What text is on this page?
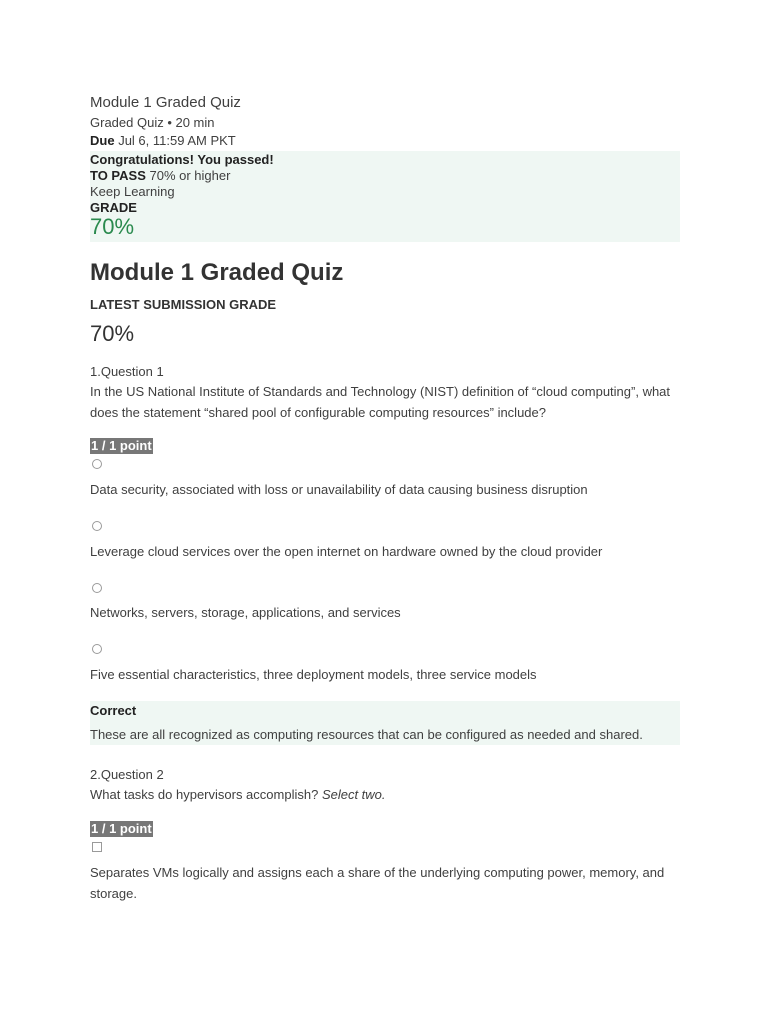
Module 1 Graded Quiz
Graded Quiz • 20 min
Due Jul 6, 11:59 AM PKT
Congratulations! You passed!
TO PASS 70% or higher
Keep Learning
GRADE
70%
Module 1 Graded Quiz
LATEST SUBMISSION GRADE
70%
1.Question 1
In the US National Institute of Standards and Technology (NIST) definition of “cloud computing”, what does the statement “shared pool of configurable computing resources” include?
1 / 1 point
Data security, associated with loss or unavailability of data causing business disruption
Leverage cloud services over the open internet on hardware owned by the cloud provider
Networks, servers, storage, applications, and services
Five essential characteristics, three deployment models, three service models
Correct
These are all recognized as computing resources that can be configured as needed and shared.
2.Question 2
What tasks do hypervisors accomplish? Select two.
1 / 1 point
Separates VMs logically and assigns each a share of the underlying computing power, memory, and storage.
